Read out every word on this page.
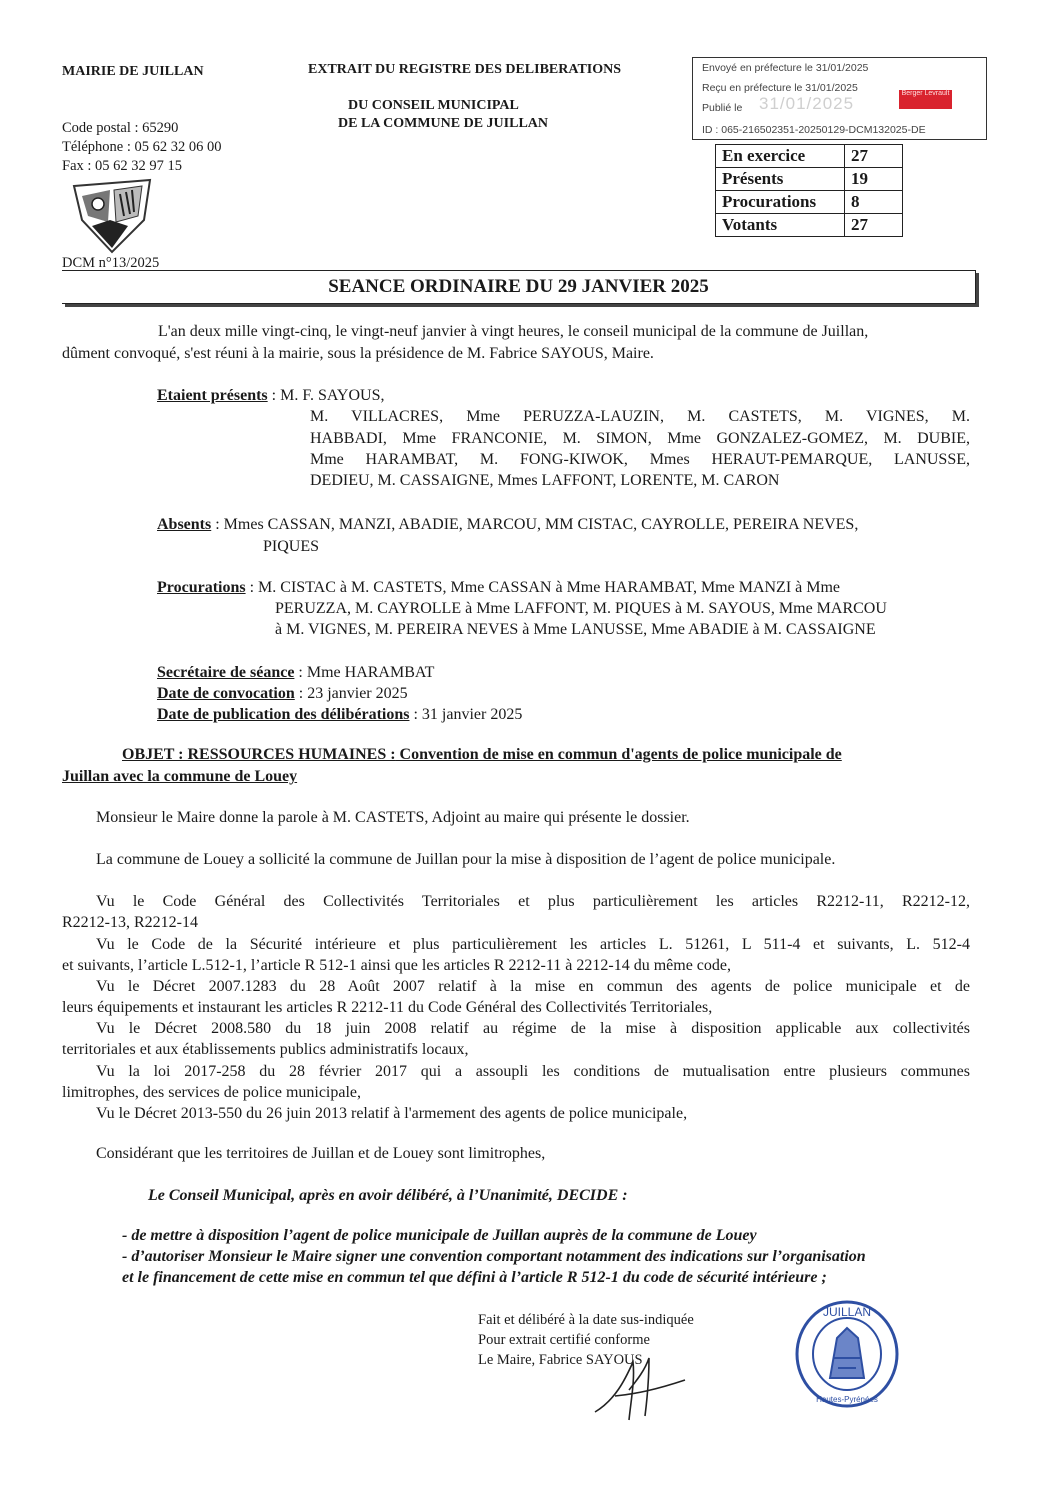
MAIRIE DE JUILLAN
Code postal : 65290
Téléphone : 05 62 32 06 00
Fax : 05 62 32 97 15
DCM n°13/2025
EXTRAIT DU REGISTRE DES DELIBERATIONS
DU CONSEIL MUNICIPAL
DE LA COMMUNE DE JUILLAN
Envoyé en préfecture le 31/01/2025
Reçu en préfecture le 31/01/2025
Publié le 31/01/2025
Berger Levrault
ID : 065-216502351-20250129-DCM132025-DE
En exercice	27
Présents	19
Procurations	8
Votants	27
SEANCE ORDINAIRE DU 29 JANVIER 2025
L'an deux mille vingt-cinq, le vingt-neuf janvier à vingt heures, le conseil municipal de la commune de Juillan,
dûment convoqué, s'est réuni à la mairie, sous la présidence de M. Fabrice SAYOUS, Maire.
Etaient présents : M. F. SAYOUS,
M. VILLACRES, Mme PERUZZA-LAUZIN, M. CASTETS, M. VIGNES, M.
HABBADI, Mme FRANCONIE, M. SIMON, Mme GONZALEZ-GOMEZ, M. DUBIE,
Mme HARAMBAT, M. FONG-KIWOK, Mmes HERAUT-PEMARQUE, LANUSSE,
DEDIEU, M. CASSAIGNE, Mmes LAFFONT, LORENTE, M. CARON
Absents : Mmes CASSAN, MANZI, ABADIE, MARCOU, MM CISTAC, CAYROLLE, PEREIRA NEVES,
PIQUES
Procurations : M. CISTAC à M. CASTETS, Mme CASSAN à Mme HARAMBAT, Mme MANZI à Mme
PERUZZA, M. CAYROLLE à Mme LAFFONT, M. PIQUES à M. SAYOUS, Mme MARCOU
à M. VIGNES, M. PEREIRA NEVES à Mme LANUSSE, Mme ABADIE à M. CASSAIGNE
Secrétaire de séance : Mme HARAMBAT
Date de convocation : 23 janvier 2025
Date de publication des délibérations : 31 janvier 2025
OBJET : RESSOURCES HUMAINES : Convention de mise en commun d'agents de police municipale de
Juillan avec la commune de Louey
Monsieur le Maire donne la parole à M. CASTETS, Adjoint au maire qui présente le dossier.
La commune de Louey a sollicité la commune de Juillan pour la mise à disposition de l’agent de police municipale.
Vu le Code Général des Collectivités Territoriales et plus particulièrement les articles R2212-11, R2212-12,
R2212-13, R2212-14
Vu le Code de la Sécurité intérieure et plus particulièrement les articles L. 51261, L 511-4 et suivants, L. 512-4
et suivants, l’article L.512-1, l’article R 512-1 ainsi que les articles R 2212-11 à 2212-14 du même code,
Vu le Décret 2007.1283 du 28 Août 2007 relatif à la mise en commun des agents de police municipale et de
leurs équipements et instaurant les articles R 2212-11 du Code Général des Collectivités Territoriales,
Vu le Décret 2008.580 du 18 juin 2008 relatif au régime de la mise à disposition applicable aux collectivités
territoriales et aux établissements publics administratifs locaux,
Vu la loi 2017-258 du 28 février 2017 qui a assoupli les conditions de mutualisation entre plusieurs communes
limitrophes, des services de police municipale,
Vu le Décret 2013-550 du 26 juin 2013 relatif à l'armement des agents de police municipale,
Considérant que les territoires de Juillan et de Louey sont limitrophes,
Le Conseil Municipal, après en avoir délibéré, à l’Unanimité, DECIDE :
- de mettre à disposition l’agent de police municipale de Juillan auprès de la commune de Louey
- d’autoriser Monsieur le Maire signer une convention comportant notamment des indications sur l’organisation
et le financement de cette mise en commun tel que défini à l’article R 512-1 du code de sécurité intérieure ;
Fait et délibéré à la date sus-indiquée
Pour extrait certifié conforme
Le Maire, Fabrice SAYOUS
JUILLAN
Hautes-Pyrénées
